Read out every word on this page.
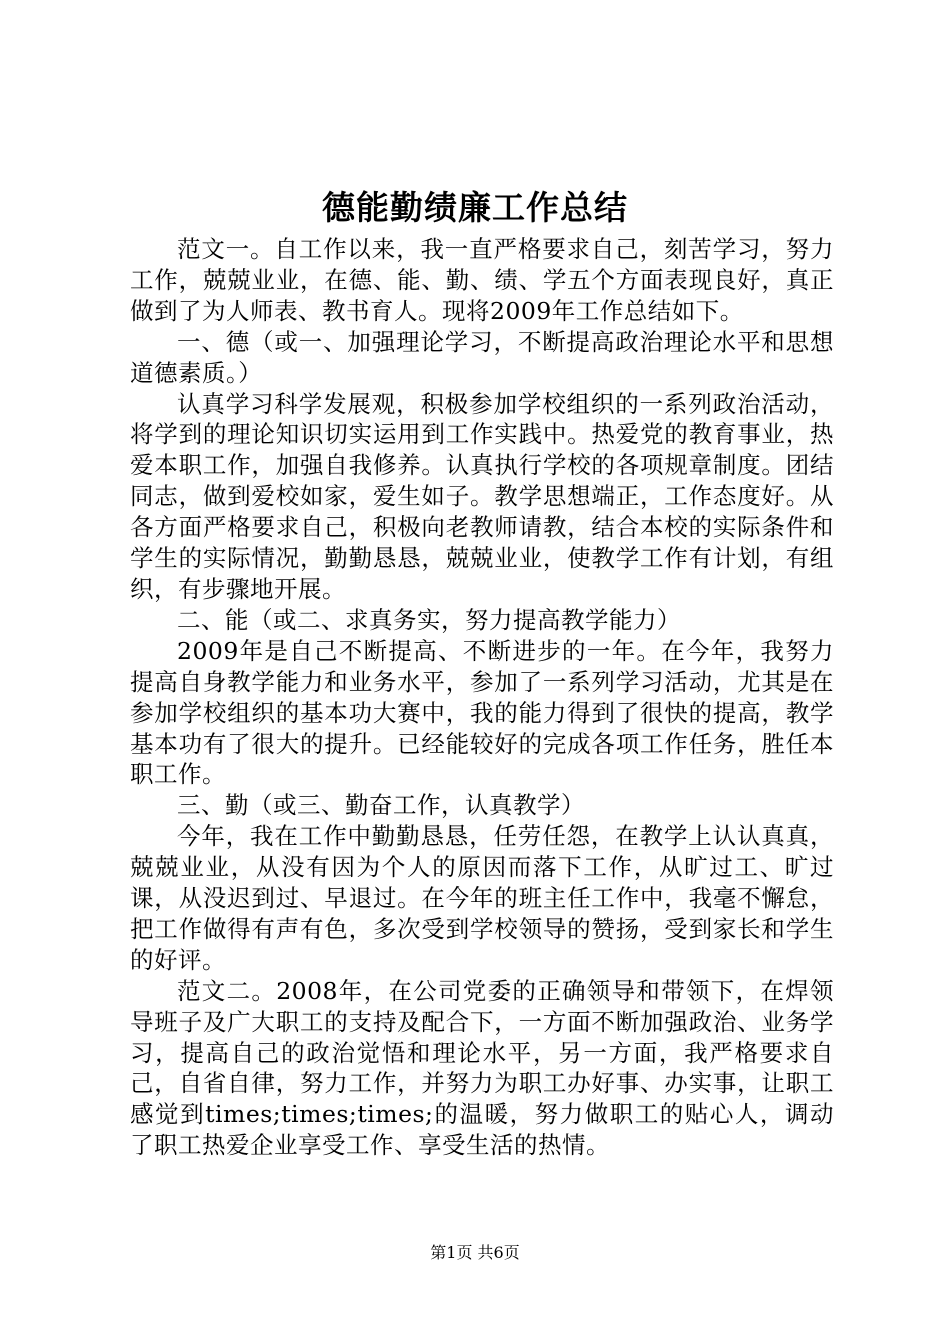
德能勤绩廉工作总结

范文一。自工作以来，我一直严格要求自己，刻苦学习，努力工作，兢兢业业，在德、能、勤、绩、学五个方面表现良好，真正做到了为人师表、教书育人。现将2009年工作总结如下。

一、德（或一、加强理论学习，不断提高政治理论水平和思想道德素质。）

认真学习科学发展观，积极参加学校组织的一系列政治活动，将学到的理论知识切实运用到工作实践中。热爱党的教育事业，热爱本职工作，加强自我修养。认真执行学校的各项规章制度。团结同志，做到爱校如家，爱生如子。教学思想端正，工作态度好。从各方面严格要求自己，积极向老教师请教，结合本校的实际条件和学生的实际情况，勤勤恳恳，兢兢业业，使教学工作有计划，有组织，有步骤地开展。

二、能（或二、求真务实，努力提高教学能力）

2009年是自己不断提高、不断进步的一年。在今年，我努力提高自身教学能力和业务水平，参加了一系列学习活动，尤其是在参加学校组织的基本功大赛中，我的能力得到了很快的提高，教学基本功有了很大的提升。已经能较好的完成各项工作任务，胜任本职工作。

三、勤（或三、勤奋工作，认真教学）

今年，我在工作中勤勤恳恳，任劳任怨，在教学上认认真真，兢兢业业，从没有因为个人的原因而落下工作，从旷过工、旷过课，从没迟到过、早退过。在今年的班主任工作中，我毫不懈怠，把工作做得有声有色，多次受到学校领导的赞扬，受到家长和学生的好评。

范文二。2008年，在公司党委的正确领导和带领下，在焊领导班子及广大职工的支持及配合下，一方面不断加强政治、业务学习，提高自己的政治觉悟和理论水平，另一方面，我严格要求自己，自省自律，努力工作，并努力为职工办好事、办实事，让职工感觉到times;times;times;的温暖，努力做职工的贴心人，调动了职工热爱企业享受工作、享受生活的热情。

第1页 共6页
